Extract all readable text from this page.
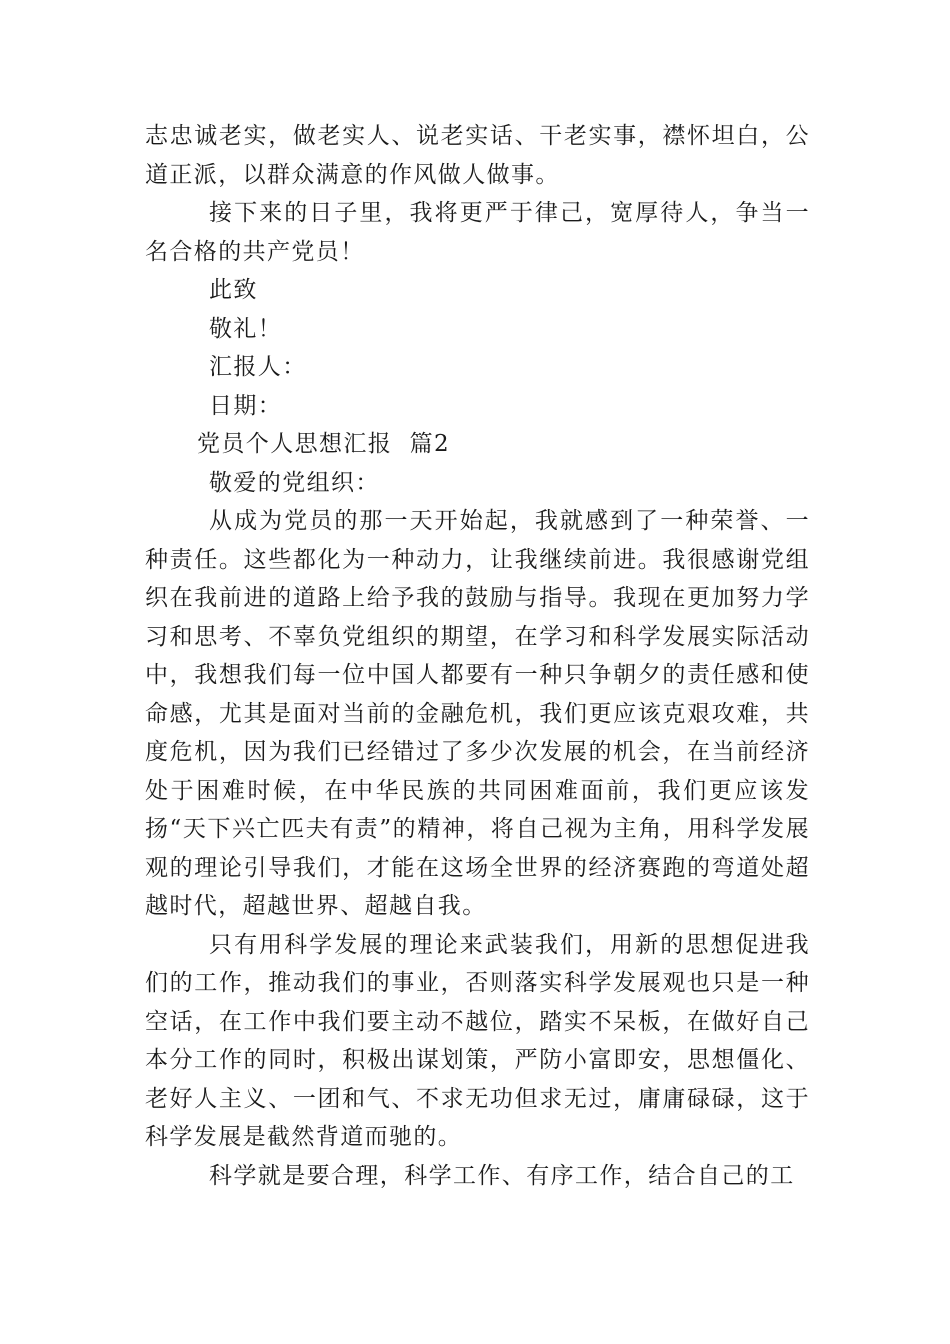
志忠诚老实，做老实人、说老实话、干老实事，襟怀坦白，公道正派，以群众满意的作风做人做事。

接下来的日子里，我将更严于律己，宽厚待人，争当一名合格的共产党员！

此致

敬礼！

汇报人：

日期：

党员个人思想汇报  篇2

敬爱的党组织：

从成为党员的那一天开始起，我就感到了一种荣誉、一种责任。这些都化为一种动力，让我继续前进。我很感谢党组织在我前进的道路上给予我的鼓励与指导。我现在更加努力学习和思考、不辜负党组织的期望，在学习和科学发展实际活动中，我想我们每一位中国人都要有一种只争朝夕的责任感和使命感，尤其是面对当前的金融危机，我们更应该克艰攻难，共度危机，因为我们已经错过了多少次发展的机会，在当前经济处于困难时候，在中华民族的共同困难面前，我们更应该发扬“天下兴亡匹夫有责”的精神，将自己视为主角，用科学发展观的理论引导我们，才能在这场全世界的经济赛跑的弯道处超越时代，超越世界、超越自我。

只有用科学发展的理论来武装我们，用新的思想促进我们的工作，推动我们的事业，否则落实科学发展观也只是一种空话，在工作中我们要主动不越位，踏实不呆板，在做好自己本分工作的同时，积极出谋划策，严防小富即安，思想僵化、老好人主义、一团和气、不求无功但求无过，庸庸碌碌，这于科学发展是截然背道而驰的。

科学就是要合理，科学工作、有序工作，结合自己的工
